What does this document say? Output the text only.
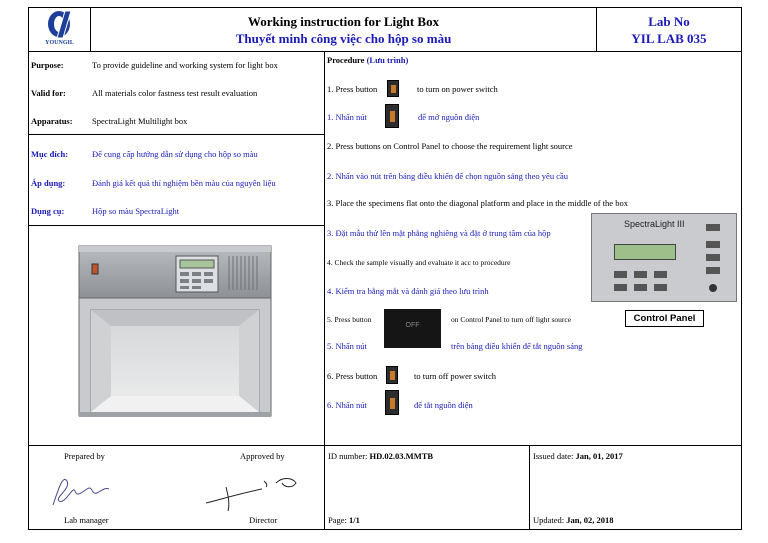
YOUNGIL
Working instruction for Light Box
Thuyết minh công việc cho hộp so màu
Lab No
YIL LAB 035
Purpose:	To provide guideline and working system for light box
Valid for:	All materials color fastness test result evaluation
Apparatus: SpectraLight Multilight box
Mục đích:	Để cung cấp hướng dẫn sử dụng cho hộp so màu
Áp dụng:	Đánh giá kết quả thí nghiệm bền màu của nguyên liệu
Dụng cụ:	Hộp so màu SpectraLight
Procedure (Lưu trình)
1. Press button	to turn on power switch
1. Nhấn nút	để mở nguồn điện
2. Press buttons on Control Panel to choose the requirement light source
2. Nhấn vào nút trên bảng điều khiển để chọn nguồn sáng theo yêu cầu
3. Place the specimens flat onto the diagonal platform and place in the middle of the box
3. Đặt mẫu thử lên mặt phẳng nghiêng và đặt ở trung tâm của hộp
SpectraLight III
4. Check the sample visually and evaluate it acc to procedure
4. Kiểm tra bằng mắt và đánh giá theo lưu trình
5. Press button
OFF
on Control Panel to turn off light source	Control Panel
5. Nhấn nút	trên bảng điều khiển để tắt nguồn sáng
6. Press button	to turn off power switch
6. Nhấn nút	để tắt nguồn điện
Prepared by	Approved by
Lab manager	Director
ID number: HD.02.03.MMTB
Page: 1/1
Issued date: Jan, 01, 2017
Updated: Jan, 02, 2018
